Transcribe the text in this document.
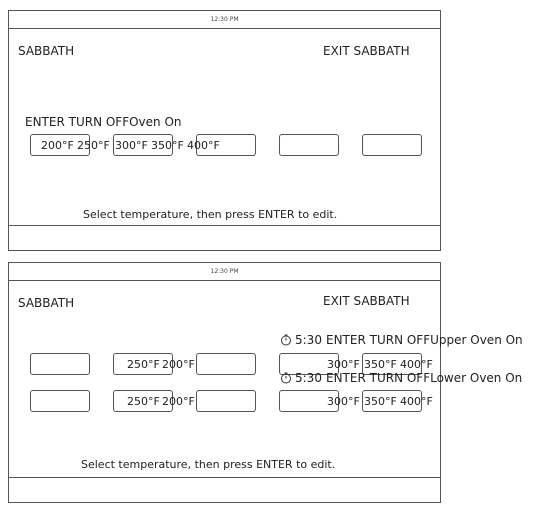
12:30 PM
SABBATH	EXIT SABBATH
ENTER TURN OFFOven On
200°F 250°F 300°F 350°F 400°F
Select temperature, then press ENTER to edit.
12:30 PM
SABBATH	EXIT SABBATH
5:30 ENTER TURN OFFUpper Oven On
250°F 200°F	300°F 350°F 400°F
5:30 ENTER TURN OFFLower Oven On
250°F 200°F	300°F 350°F 400°F
Select temperature, then press ENTER to edit.
